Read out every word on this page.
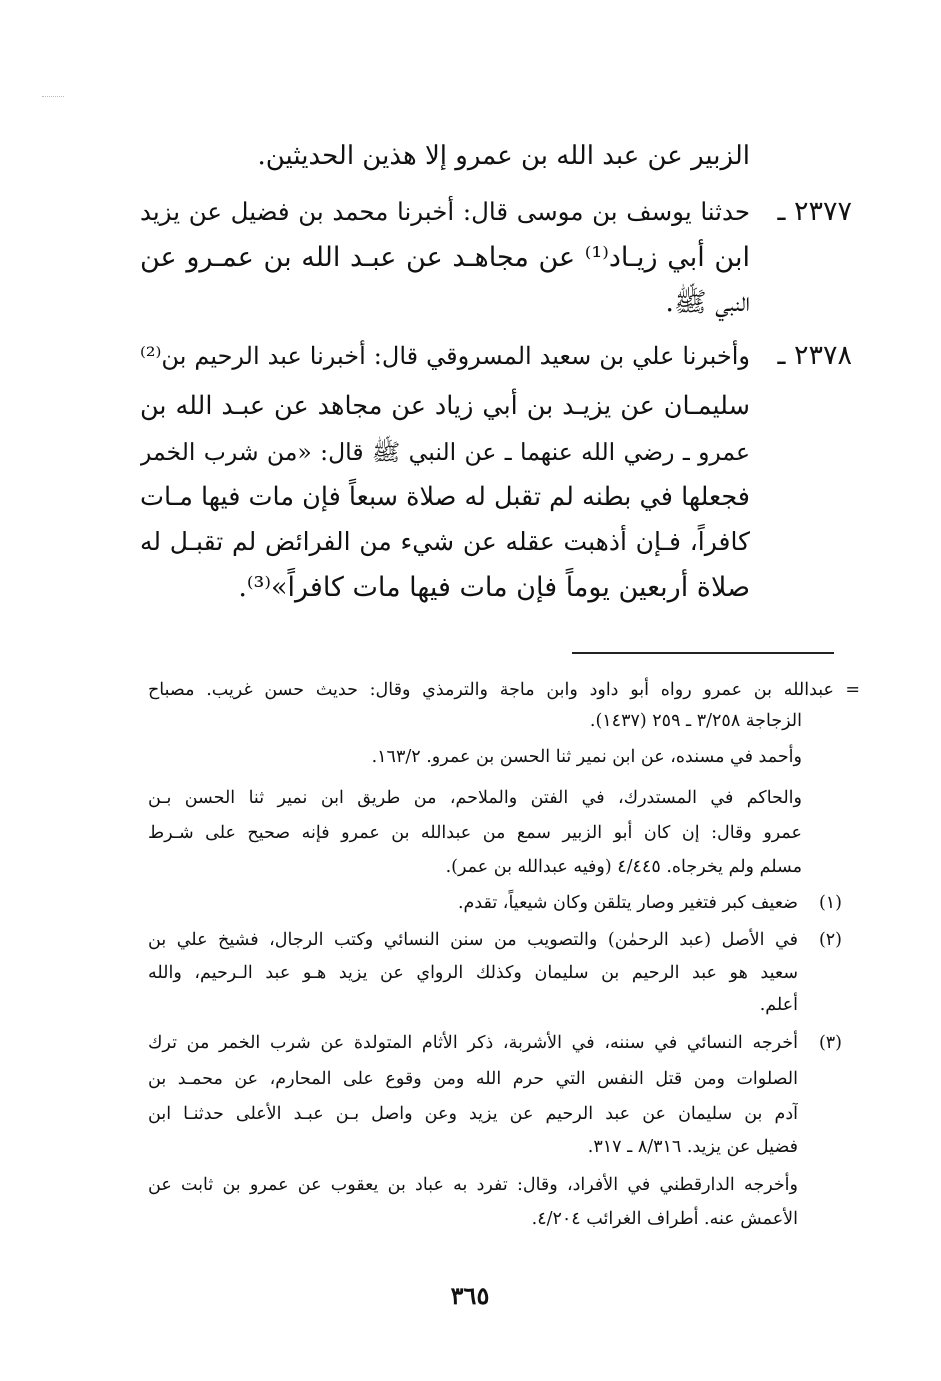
الزبير عن عبد الله بن عمرو إلا هذين الحديثين.
٢٣٧٧ ـ
حدثنا يوسف بن موسى قال: أخبرنا محمد بن فضيل عن يزيد
ابن أبي زيـاد⁽¹⁾ عن مجاهـد عن عبـد الله بن عمـرو عن
النبي ﷺ.
٢٣٧٨ ـ
وأخبرنا علي بن سعيد المسروقي قال: أخبرنا عبد الرحيم بن⁽²⁾
سليمـان عن يزيـد بن أبي زياد عن مجاهد عن عبـد الله بن
عمرو ـ رضي الله عنهما ـ عن النبي ﷺ قال: «من شرب الخمر
فجعلها في بطنه لم تقبل له صلاة سبعاً فإن مات فيها مـات
كافراً، فـإن أذهبت عقله عن شيء من الفرائض لم تقبـل له
صلاة أربعين يوماً فإن مات فيها مات كافراً»⁽³⁾.
=
عبدالله بن عمرو رواه أبو داود وابن ماجة والترمذي وقال: حديث حسن غريب. مصباح
الزجاجة ٣/٢٥٨ ـ ٢٥٩ (١٤٣٧).
وأحمد في مسنده، عن ابن نمير ثنا الحسن بن عمرو. ١٦٣/٢.
والحاكم في المستدرك، في الفتن والملاحم، من طريق ابن نمير ثنا الحسن بـن
عمرو وقال: إن كان أبو الزبير سمع من عبدالله بن عمرو فإنه صحيح على شـرط
مسلم ولم يخرجاه. ٤/٤٤٥ (وفيه عبدالله بن عمر).
(١)
ضعيف كبر فتغير وصار يتلقن وكان شيعياً، تقدم.
(٢)
في الأصل (عبد الرحمٰن) والتصويب من سنن النسائي وكتب الرجال، فشيخ علي بن
سعيد هو عبد الرحيم بن سليمان وكذلك الرواي عن يزيد هـو عبد الـرحيم، والله
أعلم.
(٣)
أخرجه النسائي في سننه، في الأشربة، ذكر الأثام المتولدة عن شرب الخمر من ترك
الصلوات ومن قتل النفس التي حرم الله ومن وقوع على المحارم، عن محمـد بن
آدم بن سليمان عن عبد الرحيم عن يزيد وعن واصل بـن عبـد الأعلى حدثنـا ابن
فضيل عن يزيد. ٨/٣١٦ ـ ٣١٧.
وأخرجه الدارقطني في الأفراد، وقال: تفرد به عباد بن يعقوب عن عمرو بن ثابت عن
الأعمش عنه. أطراف الغرائب ٤/٢٠٤.
٣٦٥
